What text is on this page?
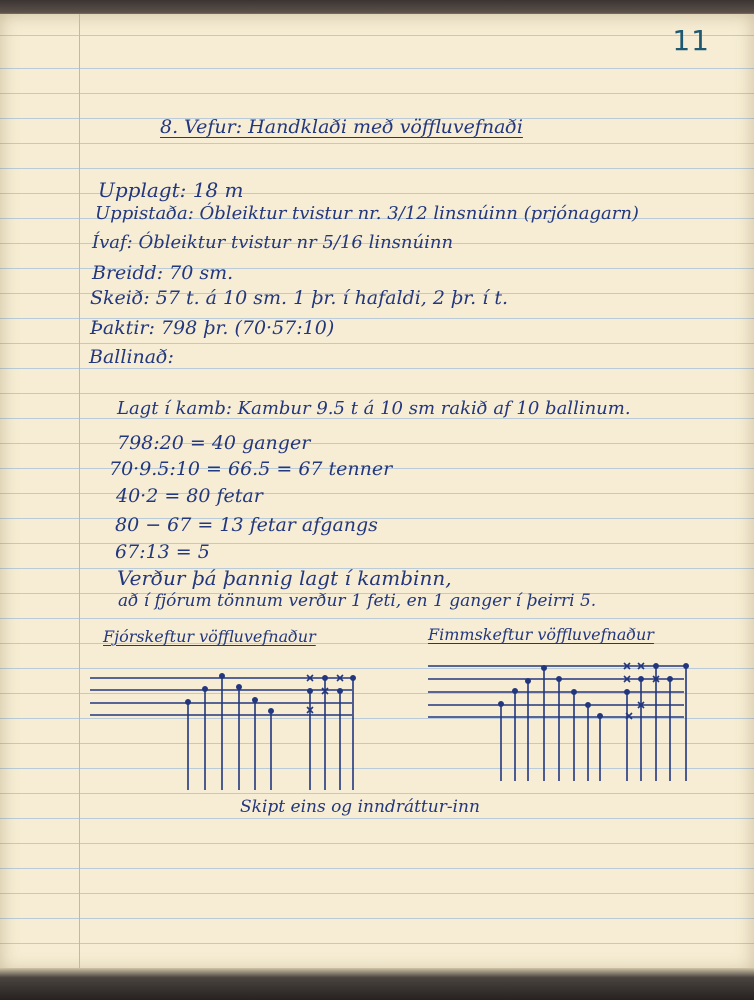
11
8. Vefur: Handklaði með vöffluvefnaði
Upplagt: 18 m
Uppistaða: Óbleiktur tvistur nr. 3/12 linsnúinn (prjónagarn)
Ívaf: Óbleiktur tvistur nr 5/16 linsnúinn
Breidd: 70 sm.
Skeið: 57 t. á 10 sm. 1 þr. í hafaldi, 2 þr. í t.
Þaktir: 798 þr. (70·57:10)
Ballinað:
Lagt í kamb: Kambur 9.5 t á 10 sm rakið af 10 ballinum.
798:20 = 40 ganger
70·9.5:10 = 66.5 = 67 tenner
40·2 = 80 fetar
80 − 67 = 13 fetar afgangs
67:13 = 5
Verður þá þannig lagt í kambinn,
að í fjórum tönnum verður 1 feti, en 1 ganger í þeirri 5.
Fjórskeftur vöffluvefnaður	Fimmskeftur vöffluvefnaður
Skipt eins og inndráttur-inn
